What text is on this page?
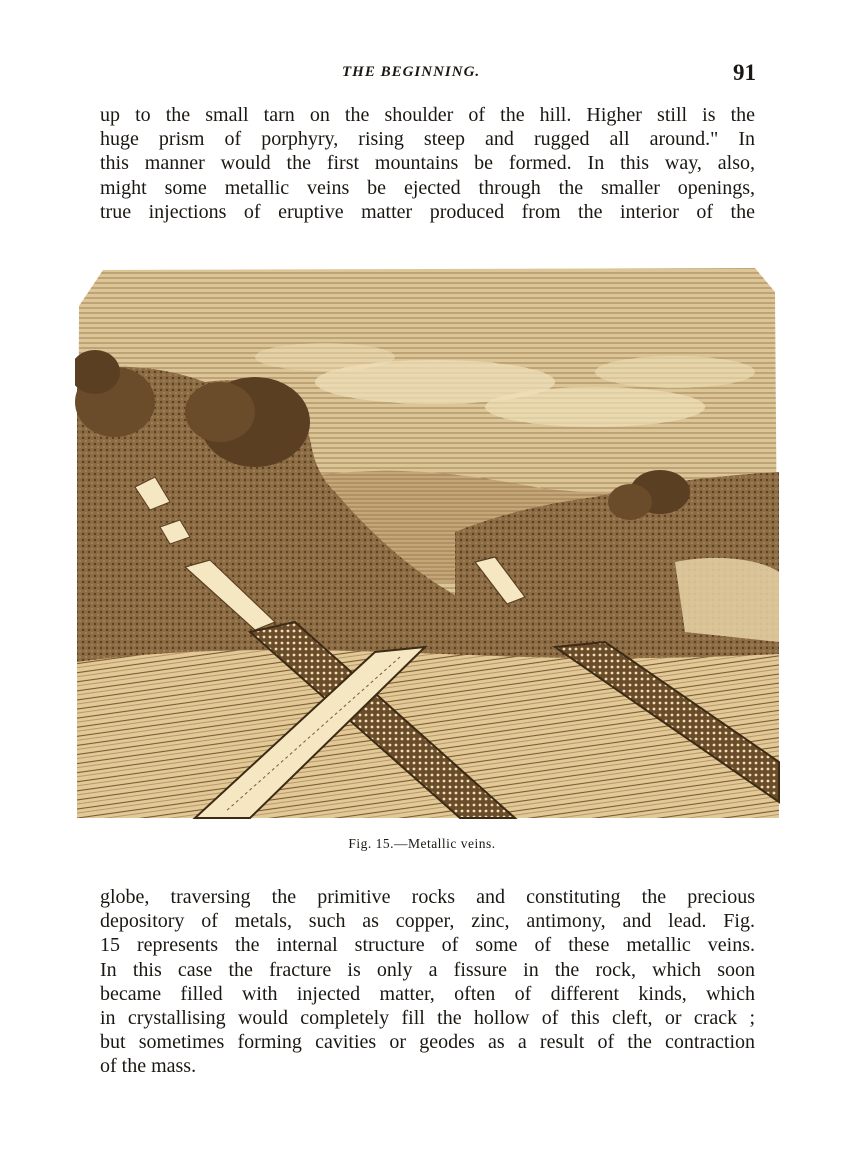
THE BEGINNING.	91

up to the small tarn on the shoulder of the hill. Higher still is the
huge prism of porphyry, rising steep and rugged all around." In
this manner would the first mountains be formed. In this way, also,
might some metallic veins be ejected through the smaller openings,
true injections of eruptive matter produced from the interior of the

Fig. 15.—Metallic veins.

globe, traversing the primitive rocks and constituting the precious
depository of metals, such as copper, zinc, antimony, and lead. Fig.
15 represents the internal structure of some of these metallic veins.
In this case the fracture is only a fissure in the rock, which soon
became filled with injected matter, often of different kinds, which
in crystallising would completely fill the hollow of this cleft, or crack ;
but sometimes forming cavities or geodes as a result of the contraction
of the mass.
